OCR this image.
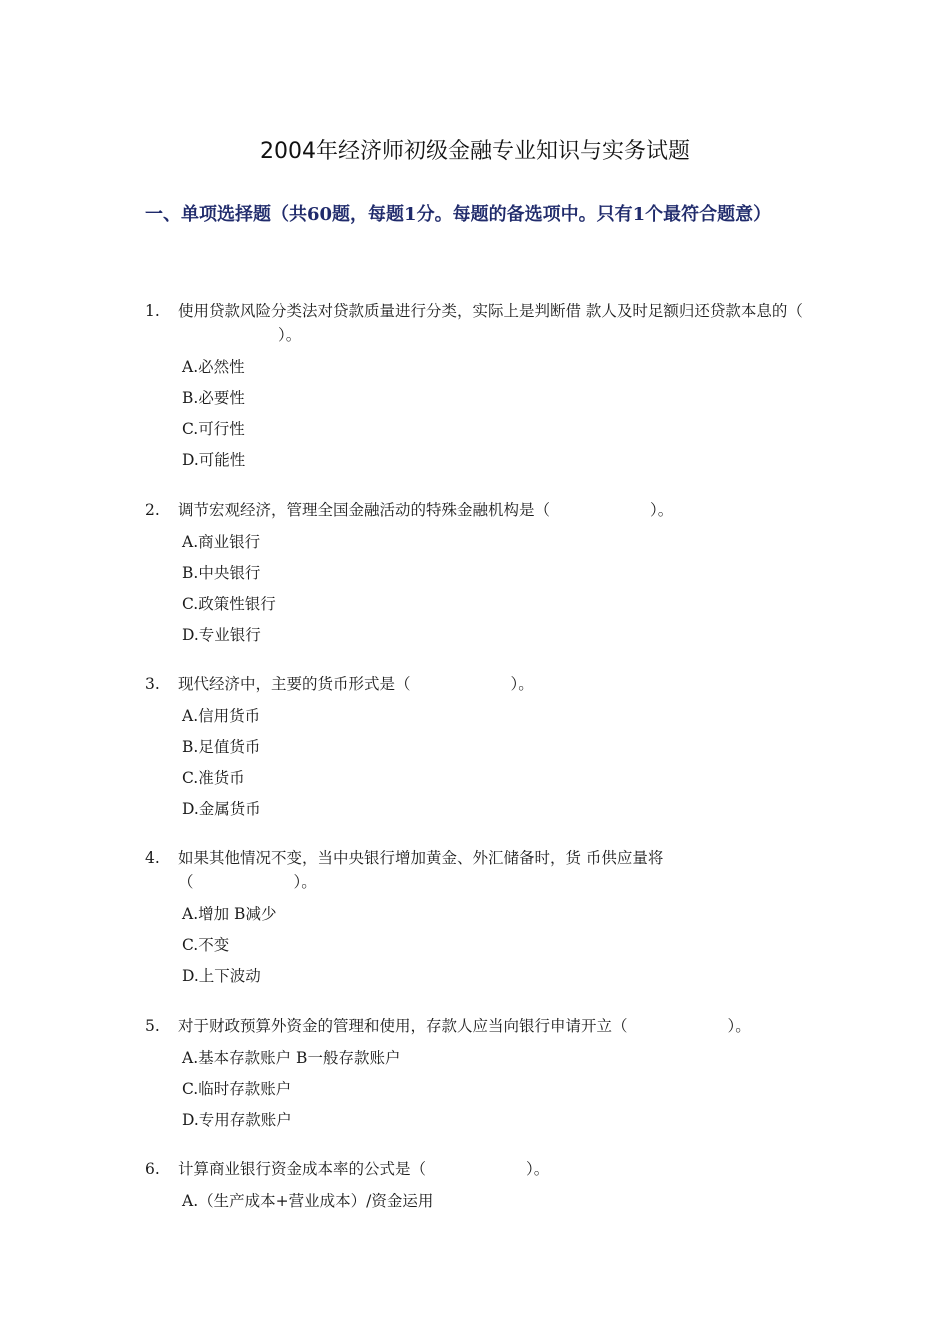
2004年经济师初级金融专业知识与实务试题
一、单项选择题（共60题，每题1分。每题的备选项中。只有1个最符合题意）
1.	使用贷款风险分类法对贷款质量进行分类，实际上是判断借 款人及时足额归还贷款本息的（）。
A.必然性
B.必要性
C.可行性
D.可能性
2.	调节宏观经济，管理全国金融活动的特殊金融机构是（	）。
A.商业银行
B.中央银行
C.政策性银行
D.专业银行
3.	现代经济中，主要的货币形式是（	）。
A.信用货币
B.足值货币
C.准货币
D.金属货币
4.	如果其他情况不变，当中央银行增加黄金、外汇储备时，货 币供应量将
（	）。
A.增加 B减少
C.不变
D.上下波动
5.	对于财政预算外资金的管理和使用，存款人应当向银行申请开立（	）。
A.基本存款账户 B一般存款账户
C.临时存款账户
D.专用存款账户
6.	计算商业银行资金成本率的公式是（	）。
A.（生产成本+营业成本）/资金运用
